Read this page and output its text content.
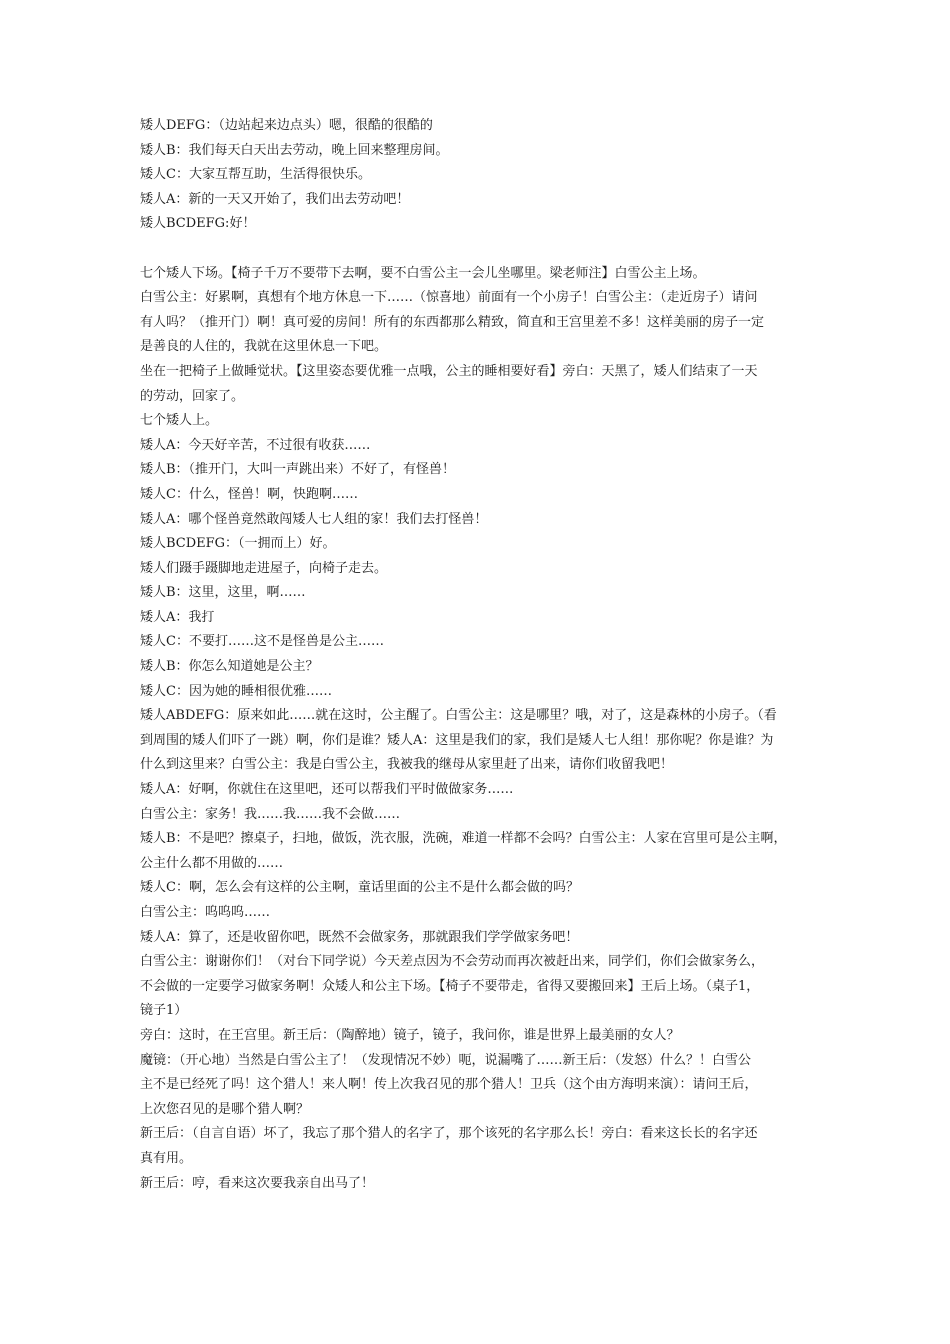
矮人DEFG：（边站起来边点头）嗯，很酷的很酷的

矮人B：我们每天白天出去劳动，晚上回来整理房间。

矮人C：大家互帮互助，生活得很快乐。

矮人A：新的一天又开始了，我们出去劳动吧！

矮人BCDEFG:好！

七个矮人下场。【椅子千万不要带下去啊，要不白雪公主一会儿坐哪里。梁老师注】白雪公主上场。

白雪公主：好累啊，真想有个地方休息一下……（惊喜地）前面有一个小房子！白雪公主：（走近房子）请问

有人吗？（推开门）啊！真可爱的房间！所有的东西都那么精致，简直和王宫里差不多！这样美丽的房子一定

是善良的人住的，我就在这里休息一下吧。

坐在一把椅子上做睡觉状。【这里姿态要优雅一点哦，公主的睡相要好看】旁白：天黑了，矮人们结束了一天

的劳动，回家了。

七个矮人上。

矮人A：今天好辛苦，不过很有收获……

矮人B：（推开门，大叫一声跳出来）不好了，有怪兽！

矮人C：什么，怪兽！啊，快跑啊……

矮人A：哪个怪兽竟然敢闯矮人七人组的家！我们去打怪兽！

矮人BCDEFG：（一拥而上）好。

矮人们蹑手蹑脚地走进屋子，向椅子走去。

矮人B：这里，这里，啊……

矮人A：我打

矮人C：不要打……这不是怪兽是公主……

矮人B：你怎么知道她是公主？

矮人C：因为她的睡相很优雅……

矮人ABDEFG：原来如此……就在这时，公主醒了。白雪公主：这是哪里？哦，对了，这是森林的小房子。（看

到周围的矮人们吓了一跳）啊，你们是谁？矮人A：这里是我们的家，我们是矮人七人组！那你呢？你是谁？为

什么到这里来？白雪公主：我是白雪公主，我被我的继母从家里赶了出来，请你们收留我吧！

矮人A：好啊，你就住在这里吧，还可以帮我们平时做做家务……

白雪公主：家务！我……我……我不会做……

矮人B：不是吧？擦桌子，扫地，做饭，洗衣服，洗碗，难道一样都不会吗？白雪公主：人家在宫里可是公主啊，

公主什么都不用做的……

矮人C：啊，怎么会有这样的公主啊，童话里面的公主不是什么都会做的吗？

白雪公主：呜呜呜……

矮人A：算了，还是收留你吧，既然不会做家务，那就跟我们学学做家务吧！

白雪公主：谢谢你们！（对台下同学说）今天差点因为不会劳动而再次被赶出来，同学们，你们会做家务么，

不会做的一定要学习做家务啊！众矮人和公主下场。【椅子不要带走，省得又要搬回来】王后上场。（桌子1，

镜子1）

旁白：这时，在王宫里。新王后：（陶醉地）镜子，镜子，我问你，谁是世界上最美丽的女人？

魔镜：（开心地）当然是白雪公主了！（发现情况不妙）呃，说漏嘴了……新王后：（发怒）什么？！白雪公

主不是已经死了吗！这个猎人！来人啊！传上次我召见的那个猎人！卫兵（这个由方海明来演）：请问王后，

上次您召见的是哪个猎人啊？

新王后：（自言自语）坏了，我忘了那个猎人的名字了，那个该死的名字那么长！旁白：看来这长长的名字还

真有用。

新王后：哼，看来这次要我亲自出马了！
